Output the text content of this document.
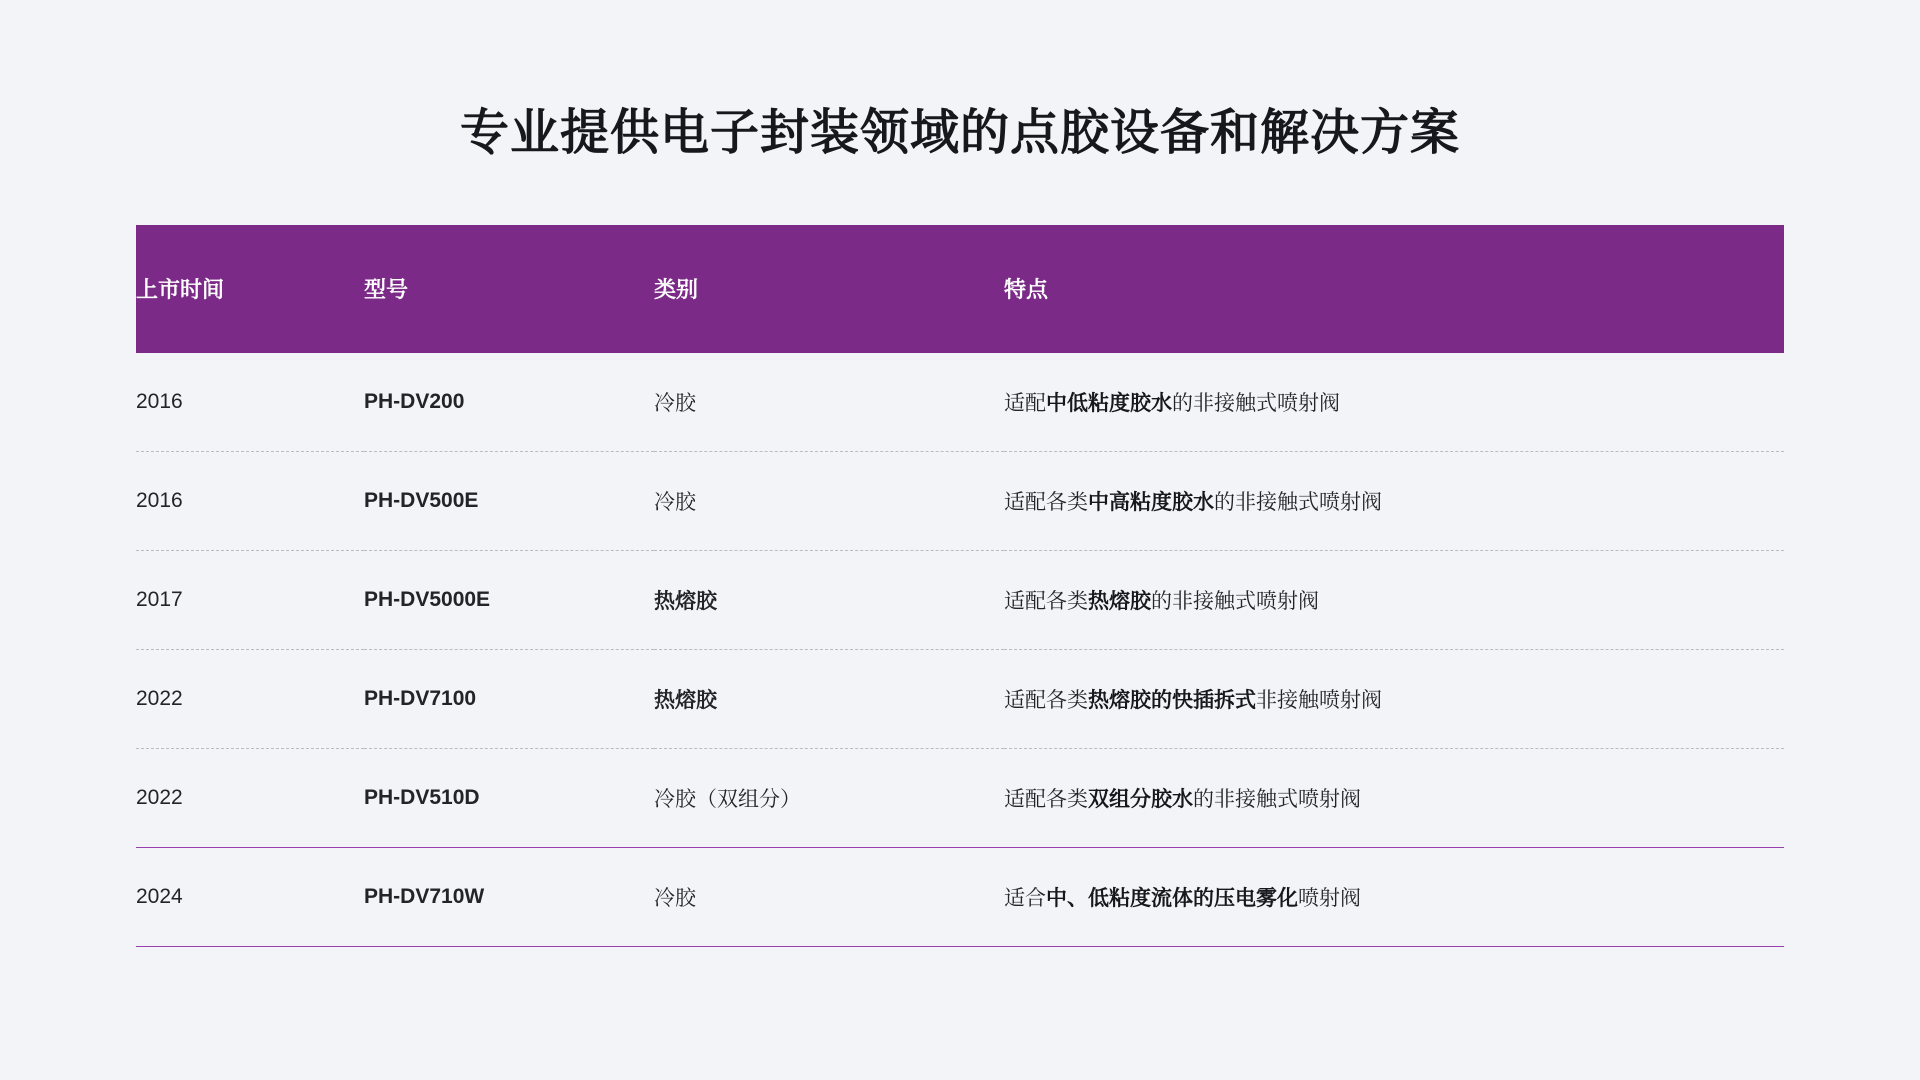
专业提供电子封装领域的点胶设备和解决方案
上市时间	型号	类别	特点
2016	PH-DV200	冷胶	适配中低粘度胶水的非接触式喷射阀
2016	PH-DV500E	冷胶	适配各类中高粘度胶水的非接触式喷射阀
2017	PH-DV5000E	热熔胶	适配各类热熔胶的非接触式喷射阀
2022	PH-DV7100	热熔胶	适配各类热熔胶的快插拆式非接触喷射阀
2022	PH-DV510D	冷胶（双组分）	适配各类双组分胶水的非接触式喷射阀
2024	PH-DV710W	冷胶	适合中、低粘度流体的压电雾化喷射阀
